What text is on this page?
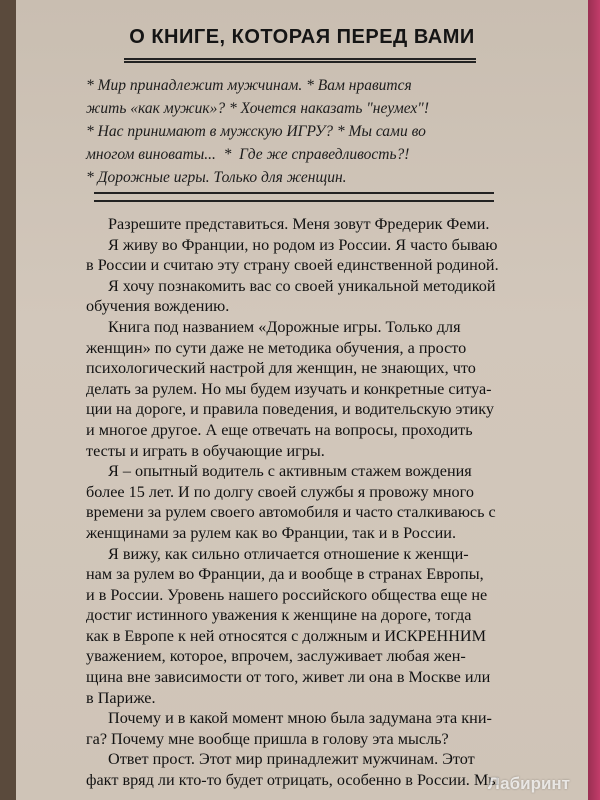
О КНИГЕ, КОТОРАЯ ПЕРЕД ВАМИ
* Мир принадлежит мужчинам. * Вам нравится
жить «как мужик»? * Хочется наказать "неумех"!
* Нас принимают в мужскую ИГРУ? * Мы сами во
многом виноваты...  *  Где же справедливость?!
* Дорожные игры. Только для женщин.
Разрешите представиться. Меня зовут Фредерик Феми.
Я живу во Франции, но родом из России. Я часто бываю
в России и считаю эту страну своей единственной родиной.
Я хочу познакомить вас со своей уникальной методикой
обучения вождению.
Книга под названием «Дорожные игры. Только для
женщин» по сути даже не методика обучения, а просто
психологический настрой для женщин, не знающих, что
делать за рулем. Но мы будем изучать и конкретные ситуа-
ции на дороге, и правила поведения, и водительскую этику
и многое другое. А еще отвечать на вопросы, проходить
тесты и играть в обучающие игры.
Я – опытный водитель с активным стажем вождения
более 15 лет. И по долгу своей службы я провожу много
времени за рулем своего автомобиля и часто сталкиваюсь с
женщинами за рулем как во Франции, так и в России.
Я вижу, как сильно отличается отношение к женщи-
нам за рулем во Франции, да и вообще в странах Европы,
и в России. Уровень нашего российского общества еще не
достиг истинного уважения к женщине на дороге, тогда
как в Европе к ней относятся с должным и ИСКРЕННИМ
уважением, которое, впрочем, заслуживает любая жен-
щина вне зависимости от того, живет ли она в Москве или
в Париже.
Почему и в какой момент мною была задумана эта кни-
га? Почему мне вообще пришла в голову эта мысль?
Ответ прост. Этот мир принадлежит мужчинам. Этот
факт вряд ли кто-то будет отрицать, особенно в России. Мы
Лабиринт
